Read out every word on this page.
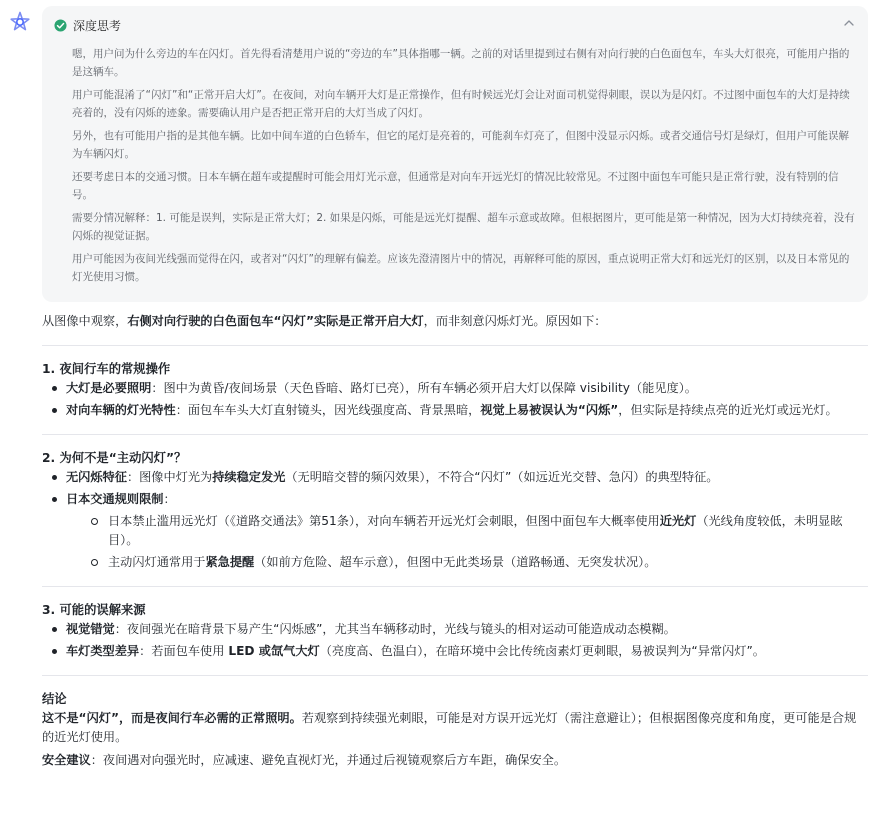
深度思考

嗯，用户问为什么旁边的车在闪灯。首先得看清楚用户说的“旁边的车”具体指哪一辆。之前的对话里提到过右侧有对向行驶的白色面包车，车头大灯很亮，可能用户指的是这辆车。

用户可能混淆了“闪灯”和“正常开启大灯”。在夜间，对向车辆开大灯是正常操作，但有时候远光灯会让对面司机觉得刺眼，误以为是闪灯。不过图中面包车的大灯是持续亮着的，没有闪烁的迹象。需要确认用户是否把正常开启的大灯当成了闪灯。

另外，也有可能用户指的是其他车辆。比如中间车道的白色轿车，但它的尾灯是亮着的，可能刹车灯亮了，但图中没显示闪烁。或者交通信号灯是绿灯，但用户可能误解为车辆闪灯。

还要考虑日本的交通习惯。日本车辆在超车或提醒时可能会用灯光示意，但通常是对向车开远光灯的情况比较常见。不过图中面包车可能只是正常行驶，没有特别的信号。

需要分情况解释：1. 可能是误判，实际是正常大灯；2. 如果是闪烁，可能是远光灯提醒、超车示意或故障。但根据图片，更可能是第一种情况，因为大灯持续亮着，没有闪烁的视觉证据。

用户可能因为夜间光线强而觉得在闪，或者对“闪灯”的理解有偏差。应该先澄清图片中的情况，再解释可能的原因，重点说明正常大灯和远光灯的区别，以及日本常见的灯光使用习惯。

从图像中观察，右侧对向行驶的白色面包车“闪灯”实际是正常开启大灯，而非刻意闪烁灯光。原因如下：

1. 夜间行车的常规操作

大灯是必要照明：图中为黄昏/夜间场景（天色昏暗、路灯已亮），所有车辆必须开启大灯以保障 visibility（能见度）。
对向车辆的灯光特性：面包车车头大灯直射镜头，因光线强度高、背景黑暗，视觉上易被误认为“闪烁”，但实际是持续点亮的近光灯或远光灯。

2. 为何不是“主动闪灯”？

无闪烁特征：图像中灯光为持续稳定发光（无明暗交替的频闪效果），不符合“闪灯”（如远近光交替、急闪）的典型特征。
日本交通规则限制：
日本禁止滥用远光灯（《道路交通法》第51条），对向车辆若开远光灯会刺眼，但图中面包车大概率使用近光灯（光线角度较低，未明显眩目）。
主动闪灯通常用于紧急提醒（如前方危险、超车示意），但图中无此类场景（道路畅通、无突发状况）。

3. 可能的误解来源

视觉错觉：夜间强光在暗背景下易产生“闪烁感”，尤其当车辆移动时，光线与镜头的相对运动可能造成动态模糊。
车灯类型差异：若面包车使用 LED 或氙气大灯（亮度高、色温白），在暗环境中会比传统卤素灯更刺眼，易被误判为“异常闪灯”。

结论

这不是“闪灯”，而是夜间行车必需的正常照明。若观察到持续强光刺眼，可能是对方误开远光灯（需注意避让）；但根据图像亮度和角度，更可能是合规的近光灯使用。

安全建议：夜间遇对向强光时，应减速、避免直视灯光，并通过后视镜观察后方车距，确保安全。
